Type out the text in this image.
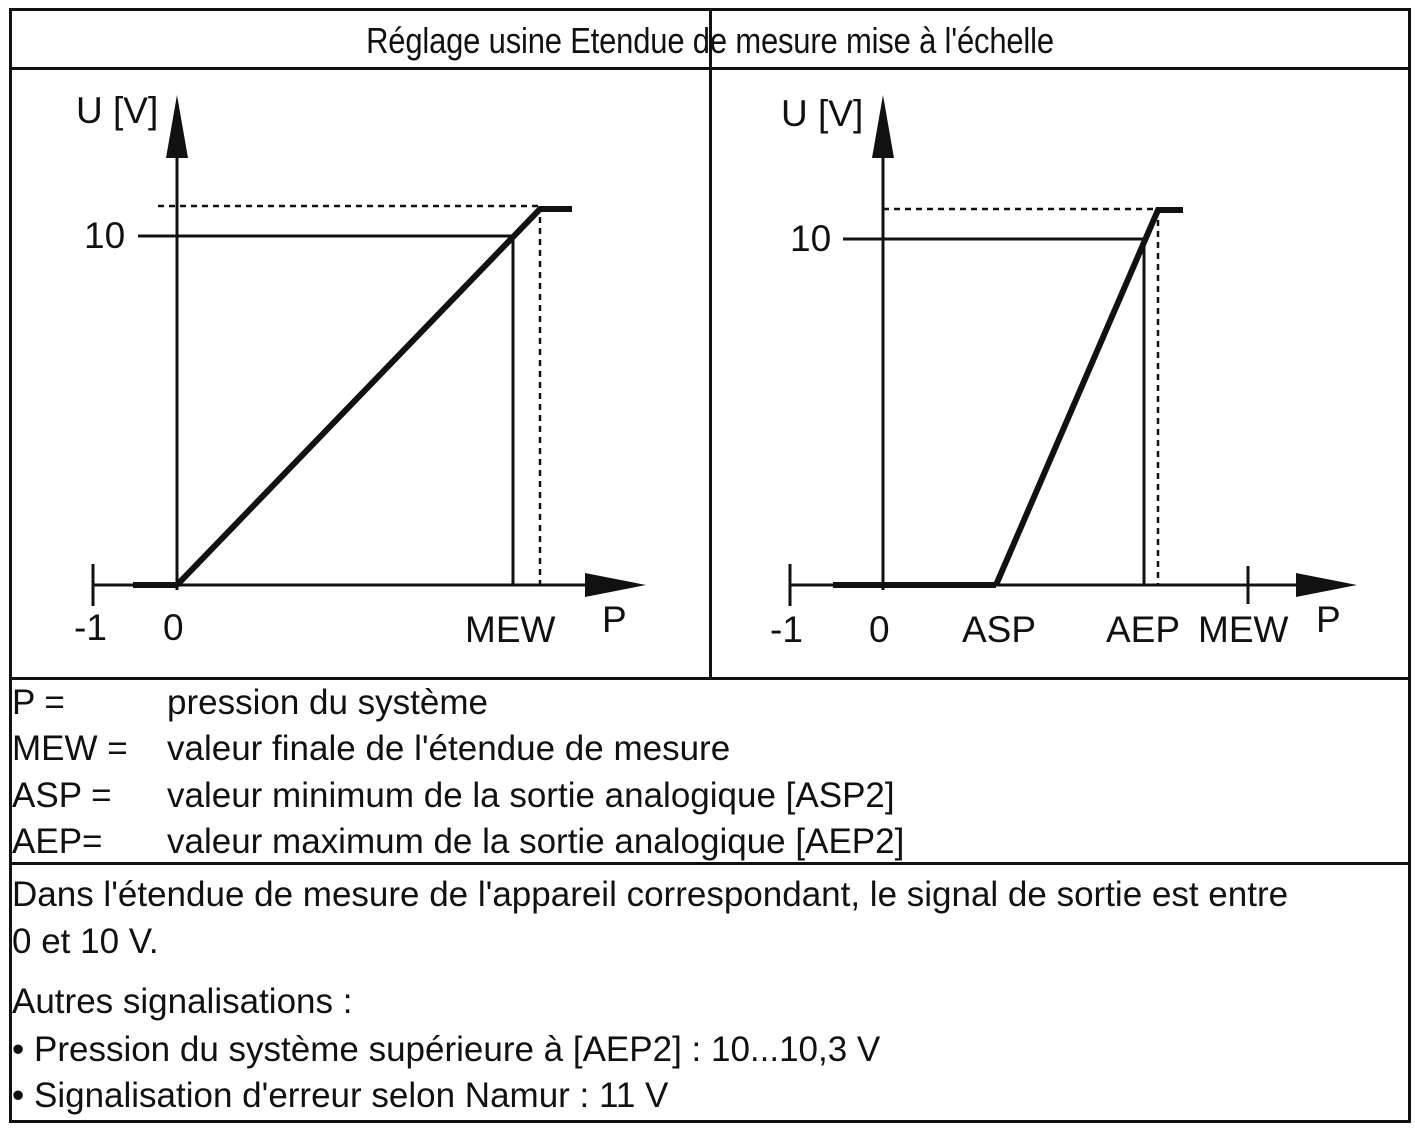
Réglage usine Etendue de mesure mise à l'échelle
U [V]
10
P
-1 0	MEW
U [V]
10
P
-1 0 ASP AEP MEW
P =	pression du système
MEW =	valeur finale de l'étendue de mesure
ASP =	valeur minimum de la sortie analogique [ASP2]
AEP=	valeur maximum de la sortie analogique [AEP2]
Dans l'étendue de mesure de l'appareil correspondant, le signal de sortie est entre
0 et 10 V.
Autres signalisations :
• Pression du système supérieure à [AEP2] : 10...10,3 V
• Signalisation d'erreur selon Namur : 11 V
